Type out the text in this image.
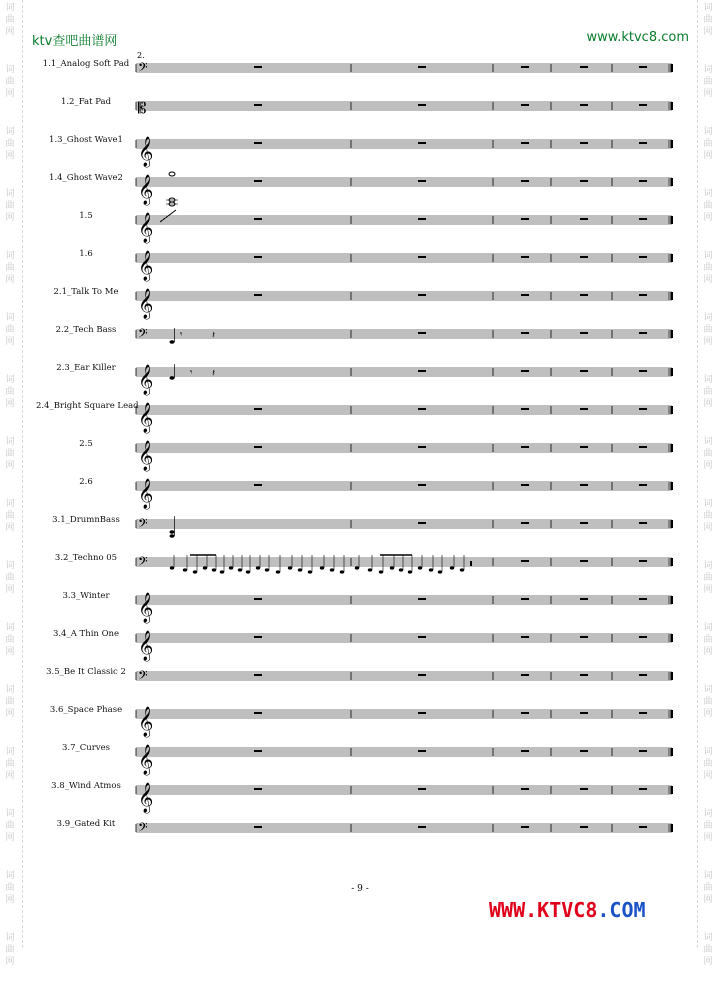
词
曲
网
词
曲
网
词
曲
网
词
曲
网
词
曲
网
词
曲
网
词
曲
网
词
曲
网
词
曲
网
词
曲
网
词
曲
网
词
曲
网
词
曲
网
词
曲
网
词
曲
网
词
曲
网
词
曲
网
词
曲
网
词
曲
网
词
曲
网
词
曲
网
词
曲
网
词
曲
网
词
曲
网
词
曲
网
词
曲
网
词
曲
网
词
曲
网
词
曲
网
词
曲
网
词
曲
网
词
曲
网
ktv查吧曲谱网	www.ktvc8.com
2.
1.1_Analog Soft Pad
1.2_Fat Pad
1.3_Ghost Wave1
1.4_Ghost Wave2
1.5
1.6
2.1_Talk To Me
2.2_Tech Bass
2.3_Ear Killer
2.4_Bright Square Lead
2.5
2.6
3.1_DrumnBass
3.2_Techno 05
3.3_Winter
3.4_A Thin One
3.5_Be It Classic 2
3.6_Space Phase
3.7_Curves
3.8_Wind Atmos
3.9_Gated Kit
𝄢
𝄡
𝄞
𝄞
𝄞
𝄞
𝄞
𝄢	𝄾	𝄽
𝄞	𝄾 𝄽
𝄞
𝄞
𝄞
𝄢
𝄢
𝄞
𝄞
𝄢
𝄞
𝄞
𝄞
𝄢
- 9 -
WWW.KTVC8.COM
